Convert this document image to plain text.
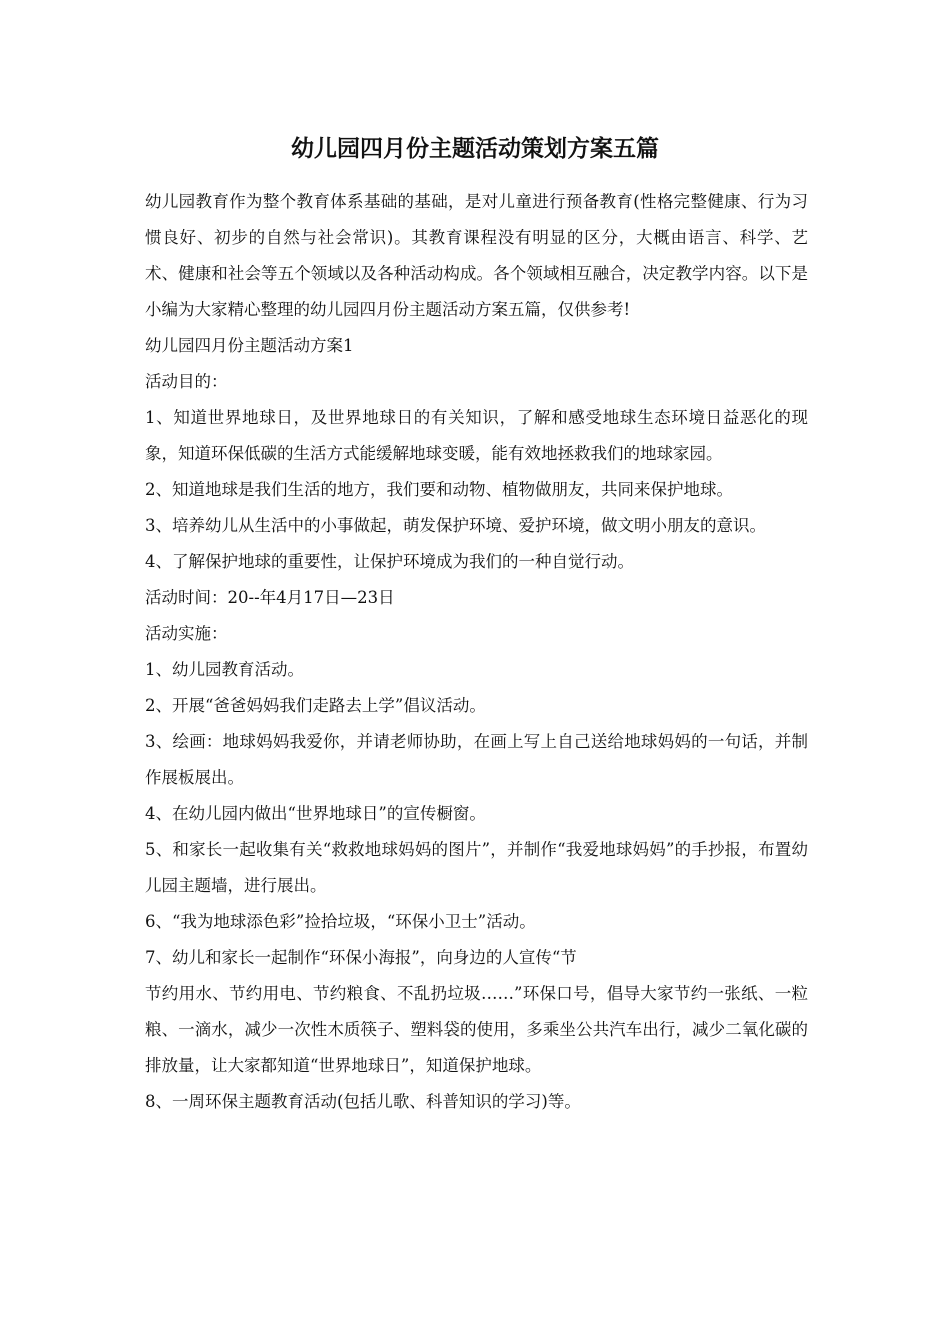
幼儿园四月份主题活动策划方案五篇

幼儿园教育作为整个教育体系基础的基础，是对儿童进行预备教育(性格完整健康、行为习惯良好、初步的自然与社会常识)。其教育课程没有明显的区分，大概由语言、科学、艺术、健康和社会等五个领域以及各种活动构成。各个领域相互融合，决定教学内容。以下是小编为大家精心整理的幼儿园四月份主题活动方案五篇，仅供参考!

幼儿园四月份主题活动方案1

活动目的：

1、知道世界地球日，及世界地球日的有关知识，了解和感受地球生态环境日益恶化的现象，知道环保低碳的生活方式能缓解地球变暖，能有效地拯救我们的地球家园。

2、知道地球是我们生活的地方，我们要和动物、植物做朋友，共同来保护地球。

3、培养幼儿从生活中的小事做起，萌发保护环境、爱护环境，做文明小朋友的意识。

4、了解保护地球的重要性，让保护环境成为我们的一种自觉行动。

活动时间：20--年4月17日—23日

活动实施：

1、幼儿园教育活动。

2、开展“爸爸妈妈我们走路去上学”倡议活动。

3、绘画：地球妈妈我爱你，并请老师协助，在画上写上自己送给地球妈妈的一句话，并制作展板展出。

4、在幼儿园内做出“世界地球日”的宣传橱窗。

5、和家长一起收集有关“救救地球妈妈的图片”，并制作“我爱地球妈妈”的手抄报，布置幼儿园主题墙，进行展出。

6、“我为地球添色彩”捡拾垃圾，“环保小卫士”活动。

7、幼儿和家长一起制作“环保小海报”，向身边的人宣传“节

节约用水、节约用电、节约粮食、不乱扔垃圾……”环保口号，倡导大家节约一张纸、一粒粮、一滴水，减少一次性木质筷子、塑料袋的使用，多乘坐公共汽车出行，减少二氧化碳的排放量，让大家都知道“世界地球日”，知道保护地球。

8、一周环保主题教育活动(包括儿歌、科普知识的学习)等。
